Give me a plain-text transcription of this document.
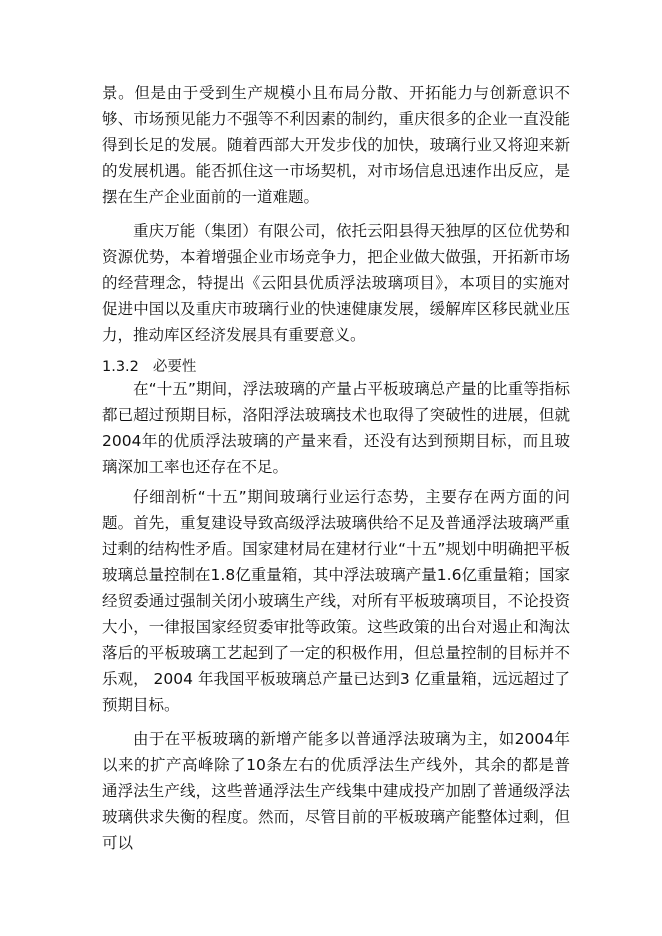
景。但是由于受到生产规模小且布局分散、开拓能力与创新意识不够、市场预见能力不强等不利因素的制约，重庆很多的企业一直没能得到长足的发展。随着西部大开发步伐的加快，玻璃行业又将迎来新的发展机遇。能否抓住这一市场契机，对市场信息迅速作出反应，是摆在生产企业面前的一道难题。

重庆万能（集团）有限公司，依托云阳县得天独厚的区位优势和资源优势，本着增强企业市场竞争力，把企业做大做强，开拓新市场的经营理念，特提出《云阳县优质浮法玻璃项目》，本项目的实施对促进中国以及重庆市玻璃行业的快速健康发展，缓解库区移民就业压力，推动库区经济发展具有重要意义。

1.3.2 必要性

在“十五”期间，浮法玻璃的产量占平板玻璃总产量的比重等指标都已超过预期目标，洛阳浮法玻璃技术也取得了突破性的进展，但就2004年的优质浮法玻璃的产量来看，还没有达到预期目标，而且玻璃深加工率也还存在不足。

仔细剖析“十五”期间玻璃行业运行态势，主要存在两方面的问题。首先，重复建设导致高级浮法玻璃供给不足及普通浮法玻璃严重过剩的结构性矛盾。国家建材局在建材行业“十五”规划中明确把平板玻璃总量控制在1.8亿重量箱，其中浮法玻璃产量1.6亿重量箱；国家经贸委通过强制关闭小玻璃生产线，对所有平板玻璃项目，不论投资大小，一律报国家经贸委审批等政策。这些政策的出台对遏止和淘汰落后的平板玻璃工艺起到了一定的积极作用，但总量控制的目标并不乐观， 2004 年我国平板玻璃总产量已达到3 亿重量箱，远远超过了预期目标。

由于在平板玻璃的新增产能多以普通浮法玻璃为主，如2004年以来的扩产高峰除了10条左右的优质浮法生产线外，其余的都是普通浮法生产线，这些普通浮法生产线集中建成投产加剧了普通级浮法玻璃供求失衡的程度。然而，尽管目前的平板玻璃产能整体过剩，但可以
